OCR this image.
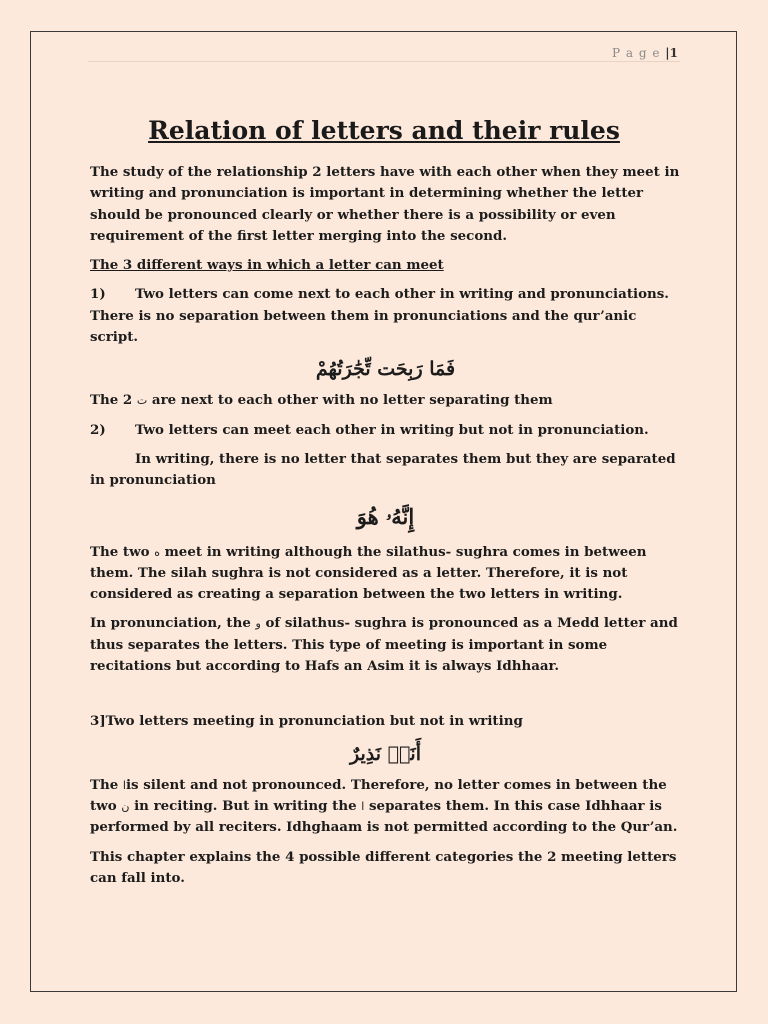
P a g e |1
Relation of letters and their rules

The study of the relationship 2 letters have with each other when they meet in writing and pronunciation is important in determining whether the letter should be pronounced clearly or whether there is a possibility or even requirement of the first letter merging into the second.

The 3 different ways in which a letter can meet

1) Two letters can come next to each other in writing and pronunciations. There is no separation between them in pronunciations and the qur’anic script.

فَمَا رَبِحَت تِّجَٰرَتُهُمْ

The 2 ت are next to each other with no letter separating them

2) Two letters can meet each other in writing but not in pronunciation.

In writing, there is no letter that separates them but they are separated in pronunciation

إِنَّهُۥ هُوَ

The two ه meet in writing although the silathus- sughra comes in between them. The silah sughra is not considered as a letter. Therefore, it is not considered as creating a separation between the two letters in writing.

In pronunciation, the و of silathus- sughra is pronounced as a Medd letter and thus separates the letters. This type of meeting is important in some recitations but according to Hafs an Asim it is always Idhhaar.

3]Two letters meeting in pronunciation but not in writing

أَنَا۠ نَذِيرٌ

The اis silent and not pronounced. Therefore, no letter comes in between the two ن in reciting. But in writing the ا separates them. In this case Idhhaar is performed by all reciters. Idhghaam is not permitted according to the Qur’an.

This chapter explains the 4 possible different categories the 2 meeting letters can fall into.
